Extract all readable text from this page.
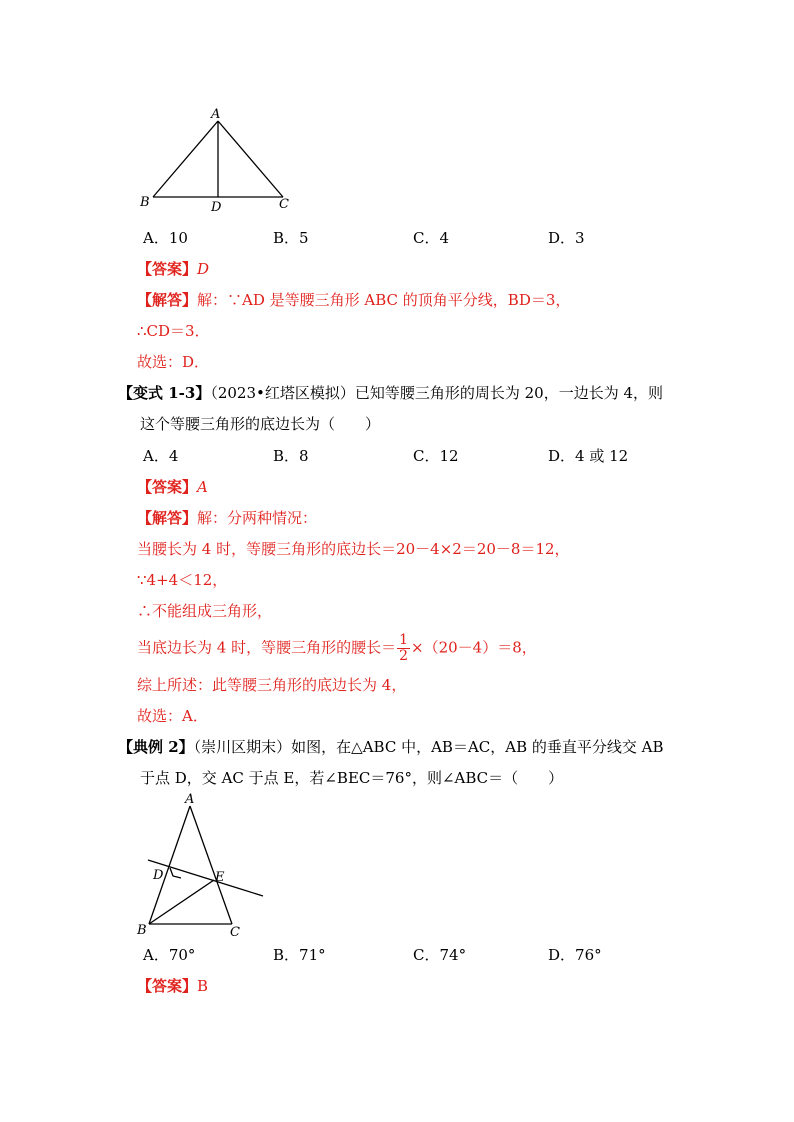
A
B	D	C
A
D	E
B	C
A．10	B．5	C．4	D．3
【答案】D
【解答】解：∵AD 是等腰三角形 ABC 的顶角平分线，BD＝3，
∴CD＝3．
故选：D．
【变式 1-3】（2023•红塔区模拟）已知等腰三角形的周长为 20，一边长为 4，则
这个等腰三角形的底边长为（　　）
A．4	B．8	C．12	D．4 或 12
【答案】A
【解答】解：分两种情况：
当腰长为 4 时，等腰三角形的底边长＝20－4×2＝20－8＝12，
∵4+4＜12，
∴不能组成三角形，
当底边长为 4 时，等腰三角形的腰长＝ $\frac{1}{2} \times(20-4)=8$，
综上所述：此等腰三角形的底边长为 4，
故选：A．
【典例 2】（崇川区期末）如图，在△ABC 中，AB＝AC，AB 的垂直平分线交 AB
于点 D，交 AC 于点 E，若∠BEC＝76°，则∠ABC＝（　　）
A．70°	B．71°	C．74°	D．76°
【答案】B
